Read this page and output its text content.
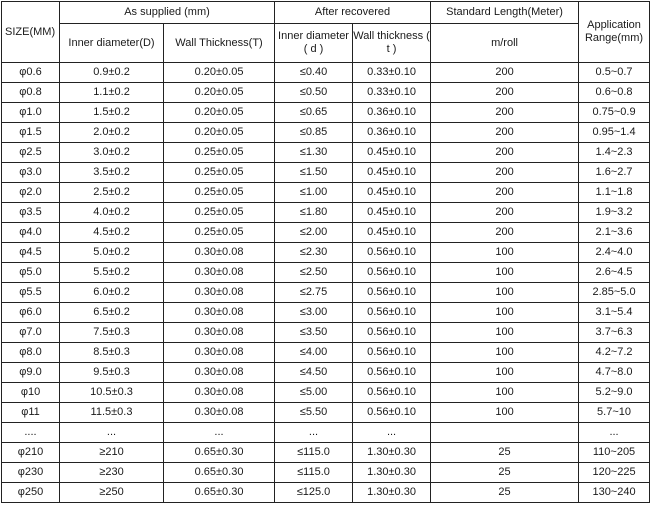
SIZE(MM)	As supplied (mm)		After recovered		Standard Length(Meter)	Application Range(mm)
	Inner diameter(D)	Wall Thickness(T)	Inner diameter ( d )	Wall thickness ( t )	m/roll	
φ0.6	0.9±0.2	0.20±0.05	≤0.40	0.33±0.10	200	0.5~0.7
φ0.8	1.1±0.2	0.20±0.05	≤0.50	0.33±0.10	200	0.6~0.8
φ1.0	1.5±0.2	0.20±0.05	≤0.65	0.36±0.10	200	0.75~0.9
φ1.5	2.0±0.2	0.20±0.05	≤0.85	0.36±0.10	200	0.95~1.4
φ2.5	3.0±0.2	0.25±0.05	≤1.30	0.45±0.10	200	1.4~2.3
φ3.0	3.5±0.2	0.25±0.05	≤1.50	0.45±0.10	200	1.6~2.7
φ2.0	2.5±0.2	0.25±0.05	≤1.00	0.45±0.10	200	1.1~1.8
φ3.5	4.0±0.2	0.25±0.05	≤1.80	0.45±0.10	200	1.9~3.2
φ4.0	4.5±0.2	0.25±0.05	≤2.00	0.45±0.10	200	2.1~3.6
φ4.5	5.0±0.2	0.30±0.08	≤2.30	0.56±0.10	100	2.4~4.0
φ5.0	5.5±0.2	0.30±0.08	≤2.50	0.56±0.10	100	2.6~4.5
φ5.5	6.0±0.2	0.30±0.08	≤2.75	0.56±0.10	100	2.85~5.0
φ6.0	6.5±0.2	0.30±0.08	≤3.00	0.56±0.10	100	3.1~5.4
φ7.0	7.5±0.3	0.30±0.08	≤3.50	0.56±0.10	100	3.7~6.3
φ8.0	8.5±0.3	0.30±0.08	≤4.00	0.56±0.10	100	4.2~7.2
φ9.0	9.5±0.3	0.30±0.08	≤4.50	0.56±0.10	100	4.7~8.0
φ10	10.5±0.3	0.30±0.08	≤5.00	0.56±0.10	100	5.2~9.0
φ11	11.5±0.3	0.30±0.08	≤5.50	0.56±0.10	100	5.7~10
....	...	...	...	...		...
φ210	≥210	0.65±0.30	≤115.0	1.30±0.30	25	110~205
φ230	≥230	0.65±0.30	≤115.0	1.30±0.30	25	120~225
φ250	≥250	0.65±0.30	≤125.0	1.30±0.30	25	130~240
